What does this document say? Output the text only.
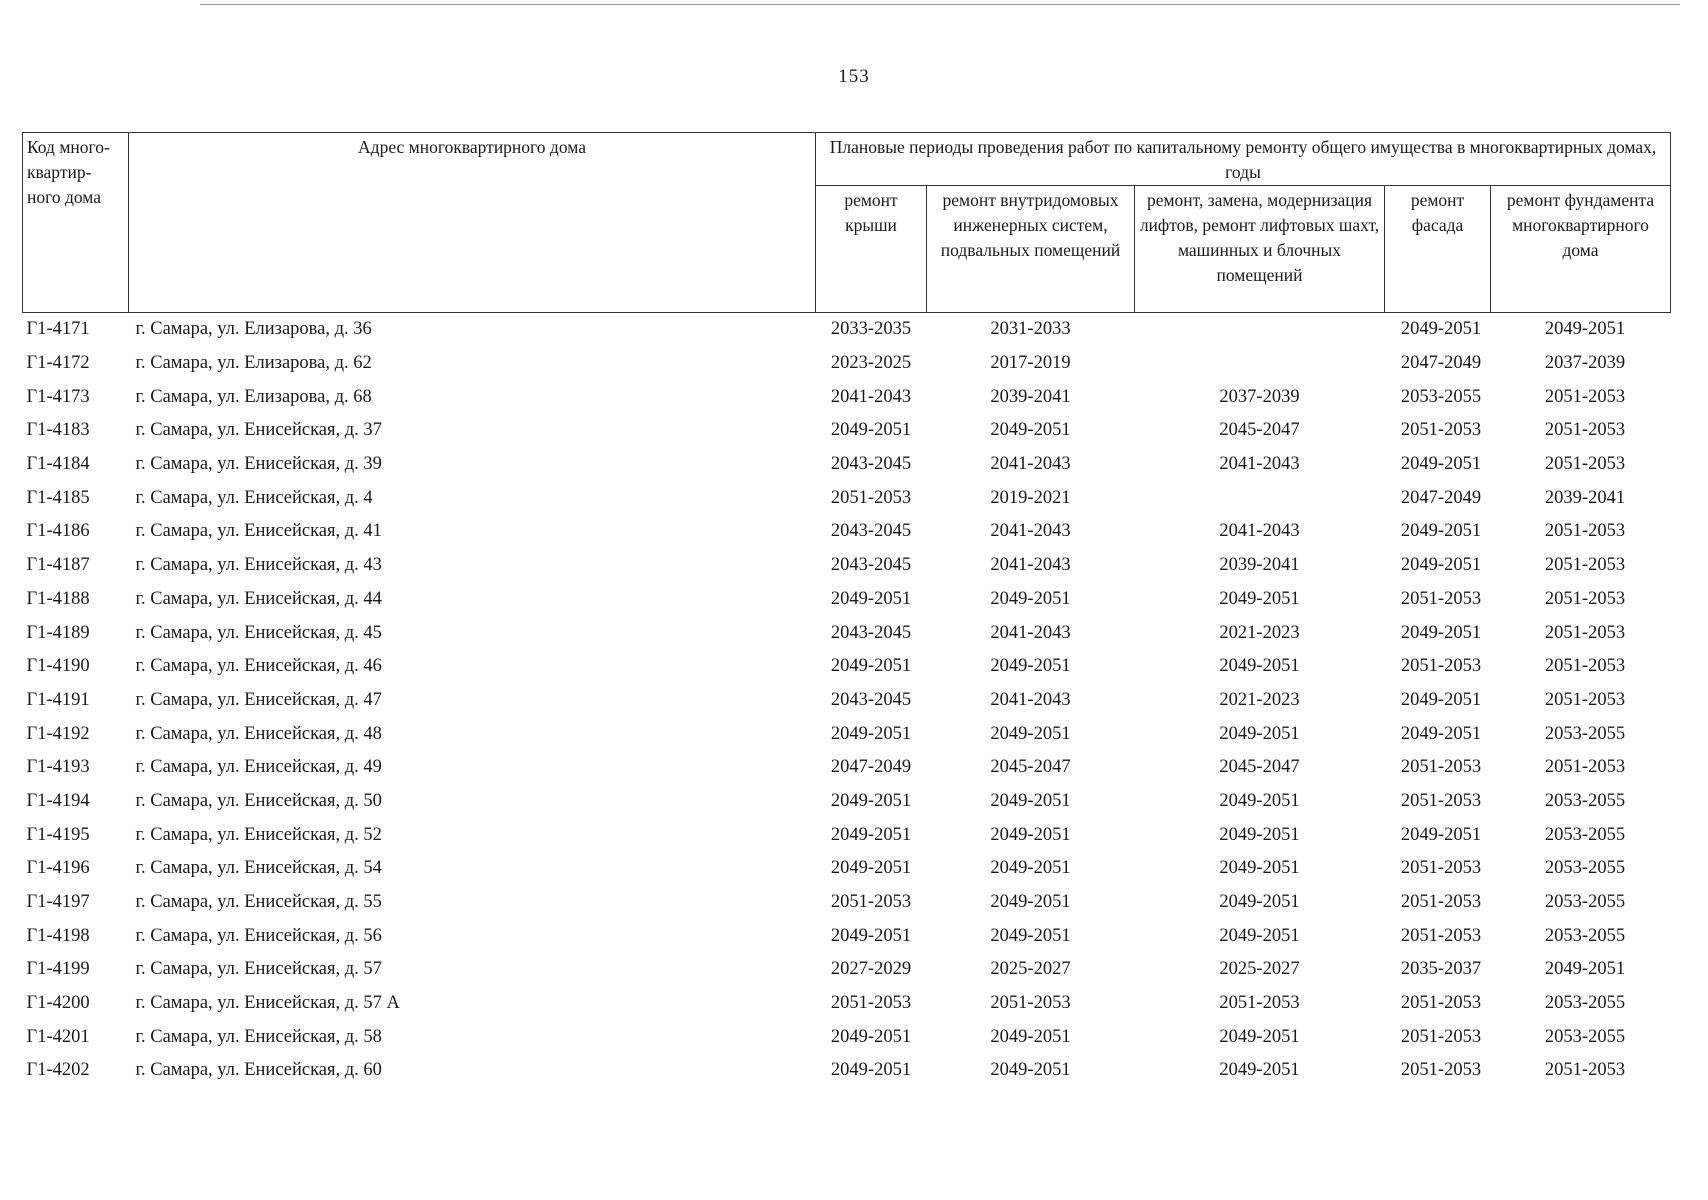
153
Код много-квартир-ного дома	Адрес многоквартирного дома	Плановые периоды проведения работ по капитальному ремонту общего имущества в многоквартирных домах, годы				
		ремонт крыши	ремонт внутридомовых инженерных систем, подвальных помещений	ремонт, замена, модернизация лифтов, ремонт лифтовых шахт, машинных и блочных помещений	ремонт фасада	ремонт фундамента многоквартирного дома
Г1-4171	г. Самара, ул. Елизарова, д. 36	2033-2035	2031-2033		2049-2051	2049-2051
Г1-4172	г. Самара, ул. Елизарова, д. 62	2023-2025	2017-2019		2047-2049	2037-2039
Г1-4173	г. Самара, ул. Елизарова, д. 68	2041-2043	2039-2041	2037-2039	2053-2055	2051-2053
Г1-4183	г. Самара, ул. Енисейская, д. 37	2049-2051	2049-2051	2045-2047	2051-2053	2051-2053
Г1-4184	г. Самара, ул. Енисейская, д. 39	2043-2045	2041-2043	2041-2043	2049-2051	2051-2053
Г1-4185	г. Самара, ул. Енисейская, д. 4	2051-2053	2019-2021		2047-2049	2039-2041
Г1-4186	г. Самара, ул. Енисейская, д. 41	2043-2045	2041-2043	2041-2043	2049-2051	2051-2053
Г1-4187	г. Самара, ул. Енисейская, д. 43	2043-2045	2041-2043	2039-2041	2049-2051	2051-2053
Г1-4188	г. Самара, ул. Енисейская, д. 44	2049-2051	2049-2051	2049-2051	2051-2053	2051-2053
Г1-4189	г. Самара, ул. Енисейская, д. 45	2043-2045	2041-2043	2021-2023	2049-2051	2051-2053
Г1-4190	г. Самара, ул. Енисейская, д. 46	2049-2051	2049-2051	2049-2051	2051-2053	2051-2053
Г1-4191	г. Самара, ул. Енисейская, д. 47	2043-2045	2041-2043	2021-2023	2049-2051	2051-2053
Г1-4192	г. Самара, ул. Енисейская, д. 48	2049-2051	2049-2051	2049-2051	2049-2051	2053-2055
Г1-4193	г. Самара, ул. Енисейская, д. 49	2047-2049	2045-2047	2045-2047	2051-2053	2051-2053
Г1-4194	г. Самара, ул. Енисейская, д. 50	2049-2051	2049-2051	2049-2051	2051-2053	2053-2055
Г1-4195	г. Самара, ул. Енисейская, д. 52	2049-2051	2049-2051	2049-2051	2049-2051	2053-2055
Г1-4196	г. Самара, ул. Енисейская, д. 54	2049-2051	2049-2051	2049-2051	2051-2053	2053-2055
Г1-4197	г. Самара, ул. Енисейская, д. 55	2051-2053	2049-2051	2049-2051	2051-2053	2053-2055
Г1-4198	г. Самара, ул. Енисейская, д. 56	2049-2051	2049-2051	2049-2051	2051-2053	2053-2055
Г1-4199	г. Самара, ул. Енисейская, д. 57	2027-2029	2025-2027	2025-2027	2035-2037	2049-2051
Г1-4200	г. Самара, ул. Енисейская, д. 57 А	2051-2053	2051-2053	2051-2053	2051-2053	2053-2055
Г1-4201	г. Самара, ул. Енисейская, д. 58	2049-2051	2049-2051	2049-2051	2051-2053	2053-2055
Г1-4202	г. Самара, ул. Енисейская, д. 60	2049-2051	2049-2051	2049-2051	2051-2053	2051-2053
